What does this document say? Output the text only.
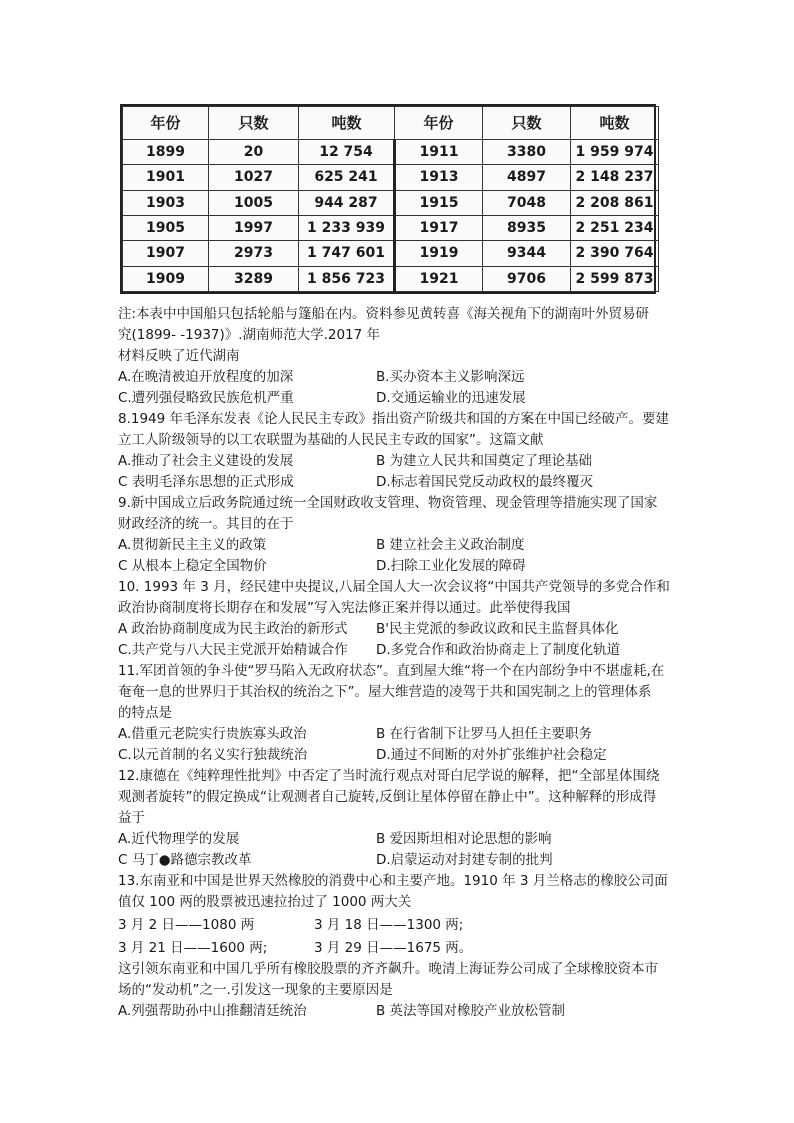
年份	只数	吨数	年份	只数	吨数
1899	20	12 754	1911	3380	1 959 974
1901	1027	625 241	1913	4897	2 148 237
1903	1005	944 287	1915	7048	2 208 861
1905	1997	1 233 939	1917	8935	2 251 234
1907	2973	1 747 601	1919	9344	2 390 764
1909	3289	1 856 723	1921	9706	2 599 873
注:本表中中国船只包括轮船与篷船在内。资料参见黄转喜《海关视角下的湖南叶外贸易研
究(1899- -1937)》.湖南师范大学.2017 年
材料反映了近代湖南
A.在晚清被迫开放程度的加深	B.买办资本主义影响深远
C.遭列强侵略致民族危机严重	D.交通运输业的迅速发展
8.1949 年毛泽东发表《论人民民主专政》指出资产阶级共和国的方案在中国已经破产。要建
立工人阶级领导的以工农联盟为基础的人民民主专政的国家”。这篇文献
A.推动了社会主义建设的发展	B 为建立人民共和国奠定了理论基础
C 表明毛泽东思想的正式形成	D.标志着国民党反动政权的最终覆灭
9.新中国成立后政务院通过统一全国财政收支管理、物资管理、现金管理等措施实现了国家
财政经济的统一。其目的在于
A.贯彻新民主主义的政策	B 建立社会主义政治制度
C 从根本上稳定全国物价	D.扫除工业化发展的障碍
10. 1993 年 3 月，经民建中央提议,八届全国人大一次会议将“中国共产党领导的多党合作和
政治协商制度将长期存在和发展”写入宪法修正案并得以通过。此举使得我国
A 政治协商制度成为民主政治的新形式	B'民主党派的参政议政和民主监督具体化
C.共产党与八大民主党派开始精诚合作	D.多党合作和政治协商走上了制度化轨道
11.军团首领的争斗使“罗马陷入无政府状态”。直到屋大维“将一个在内部纷争中不堪虚耗,在
奄奄一息的世界归于其治权的统治之下”。屋大维营造的凌驾于共和国宪制之上的管理体系
的特点是
A.借重元老院实行贵族寡头政治	B 在行省制下让罗马人担任主要职务
C.以元首制的名义实行独裁统治	D.通过不间断的对外扩张维护社会稳定
12.康德在《纯粹理性批判》中否定了当时流行观点对哥白尼学说的解释，把“全部星体围绕
观测者旋转”的假定换成“让观测者自己旋转,反倒让星体停留在静止中”。这种解释的形成得
益于
A.近代物理学的发展	B 爱因斯坦相对论思想的影响
C 马丁●路德宗教改革	D.启蒙运动对封建专制的批判
13.东南亚和中国是世界天然橡胶的消费中心和主要产地。1910 年 3 月兰格志的橡胶公司面
值仅 100 两的股票被迅速拉抬过了 1000 两大关
3 月 2 日——1080 两	3 月 18 日——1300 两;
3 月 21 日——1600 两;	3 月 29 日——1675 两。
这引领东南亚和中国几乎所有橡胶股票的齐齐飙升。晚清上海证券公司成了全球橡胶资本市
场的“发动机”之一.引发这一现象的主要原因是
A.列强帮助孙中山推翻清廷统治	B 英法等国对橡胶产业放松管制
